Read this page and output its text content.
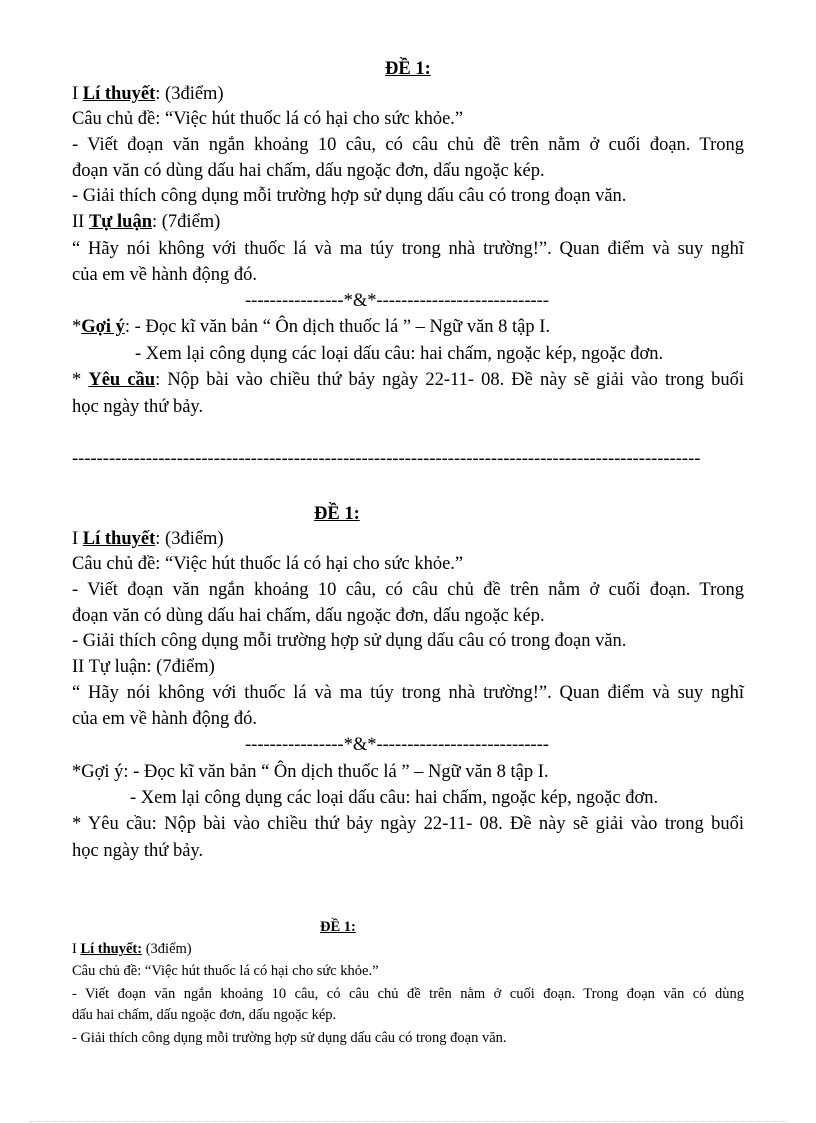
ĐỀ 1:
I Lí thuyết: (3điểm)
Câu chủ đề: “Việc hút thuốc lá có hại cho sức khỏe.”
- Viết đoạn văn ngắn khoảng 10 câu, có câu chủ đề trên nằm ở cuối đoạn. Trong
đoạn văn có dùng dấu hai chấm, dấu ngoặc đơn, dấu ngoặc kép.
- Giải thích công dụng mỗi trường hợp sử dụng dấu câu có trong đoạn văn.
II Tự luận: (7điểm)
“ Hãy nói không với thuốc lá và ma túy trong nhà trường!”. Quan điểm và suy nghĩ
của em về hành động đó.
----------------*&*----------------------------
*Gợi ý: - Đọc kĩ văn bản “ Ôn dịch thuốc lá ” – Ngữ văn 8 tập I.
- Xem lại công dụng các loại dấu câu: hai chấm, ngoặc kép, ngoặc đơn.
* Yêu cầu: Nộp bài vào chiều thứ bảy ngày 22-11- 08. Đề này sẽ giải vào trong buổi
học ngày thứ bảy.
------------------------------------------------------------------------------------------------------
ĐỀ 1:
I Lí thuyết: (3điểm)
Câu chủ đề: “Việc hút thuốc lá có hại cho sức khỏe.”
- Viết đoạn văn ngắn khoảng 10 câu, có câu chủ đề trên nằm ở cuối đoạn. Trong
đoạn văn có dùng dấu hai chấm, dấu ngoặc đơn, dấu ngoặc kép.
- Giải thích công dụng mỗi trường hợp sử dụng dấu câu có trong đoạn văn.
II Tự luận: (7điểm)
“ Hãy nói không với thuốc lá và ma túy trong nhà trường!”. Quan điểm và suy nghĩ
của em về hành động đó.
----------------*&*----------------------------
*Gợi ý: - Đọc kĩ văn bản “ Ôn dịch thuốc lá ” – Ngữ văn 8 tập I.
- Xem lại công dụng các loại dấu câu: hai chấm, ngoặc kép, ngoặc đơn.
* Yêu cầu: Nộp bài vào chiều thứ bảy ngày 22-11- 08. Đề này sẽ giải vào trong buổi
học ngày thứ bảy.
ĐỀ 1:
I Lí thuyết: (3điểm)
Câu chủ đề: “Việc hút thuốc lá có hại cho sức khỏe.”
- Viết đoạn văn ngắn khoảng 10 câu, có câu chủ đề trên nằm ở cuối đoạn. Trong đoạn văn có dùng
dấu hai chấm, dấu ngoặc đơn, dấu ngoặc kép.
- Giải thích công dụng mỗi trường hợp sử dụng dấu câu có trong đoạn văn.
